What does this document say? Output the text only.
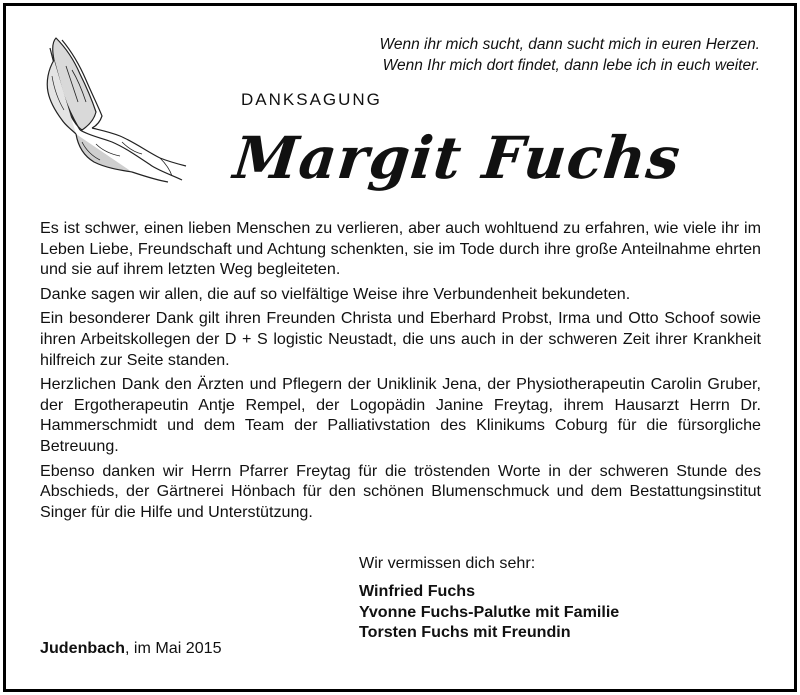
Wenn ihr mich sucht, dann sucht mich in euren Herzen.
Wenn Ihr mich dort findet, dann lebe ich in euch weiter.
DANKSAGUNG
Margit Fuchs

Es ist schwer, einen lieben Menschen zu verlieren, aber auch wohltuend zu erfahren, wie viele ihr im Leben Liebe, Freundschaft und Achtung schenkten, sie im Tode durch ihre große Anteilnahme ehrten und sie auf ihrem letzten Weg begleiteten.

Danke sagen wir allen, die auf so vielfältige Weise ihre Verbundenheit bekundeten.

Ein besonderer Dank gilt ihren Freunden Christa und Eberhard Probst, Irma und Otto Schoof sowie ihren Arbeitskollegen der D + S logistic Neustadt, die uns auch in der schweren Zeit ihrer Krankheit hilfreich zur Seite standen.

Herzlichen Dank den Ärzten und Pflegern der Uniklinik Jena, der Physiotherapeutin Carolin Gruber, der Ergotherapeutin Antje Rempel, der Logopädin Janine Freytag, ihrem Hausarzt Herrn Dr. Hammerschmidt und dem Team der Palliativstation des Klinikums Coburg für die fürsorgliche Betreuung.

Ebenso danken wir Herrn Pfarrer Freytag für die tröstenden Worte in der schweren Stunde des Abschieds, der Gärtnerei Hönbach für den schönen Blumenschmuck und dem Bestattungsinstitut Singer für die Hilfe und Unterstützung.

Wir vermissen dich sehr:
Winfried Fuchs
Yvonne Fuchs-Palutke mit Familie
Torsten Fuchs mit Freundin
Judenbach, im Mai 2015
